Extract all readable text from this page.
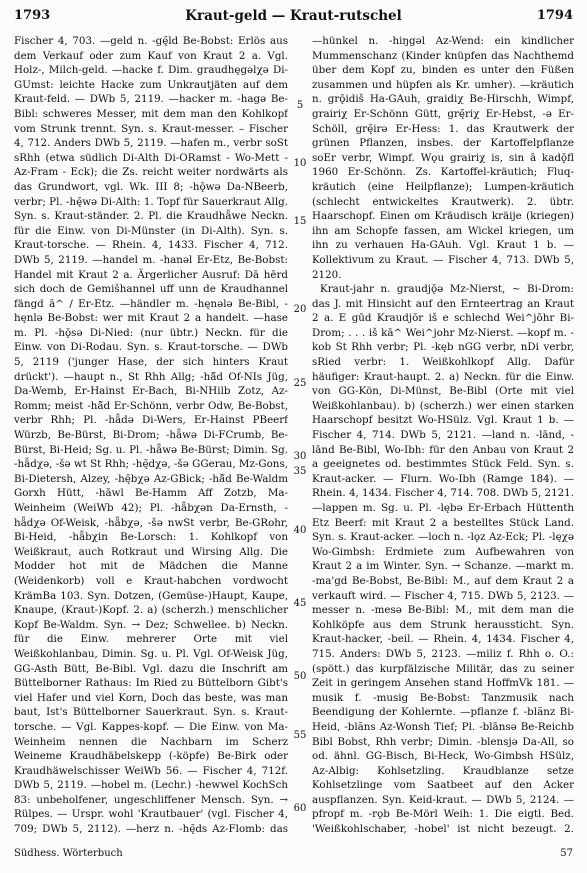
1793	Kraut-geld — Kraut-rutschel	1794

Fischer 4, 703. —geld n. -gę̄ld Be-Bobst: Erlös aus dem Verkauf oder zum Kauf von Kraut 2 a. Vgl. Holz-, Milch-geld. —hacke f. Dim. graudhęgəlχə Di-GUmst: leichte Hacke zum Unkrautjäten auf dem Kraut-feld. — DWb 5, 2119. —hacker m. -hagə Be-Bibl: schweres Messer, mit dem man den Kohlkopf vom Strunk trennt. Syn. s. Kraut-messer. – Fischer 4, 712. Anders DWb 5, 2119. —hafen m., verbr soSt sRhh (etwa südlich Di-Alth Di-ORamst - Wo-Mett - Az-Fram - Eck); die Zs. reicht weiter nordwärts als das Grundwort, vgl. Wk. III 8; -hǭwə Da-NBeerb, verbr; Pl. -hę̄wə Di-Alth: 1. Topf für Sauerkraut Allg. Syn. s. Kraut-ständer. 2. Pl. die Kraudhǟwe Neckn. für die Einw. von Di-Münster (in Di-Alth). Syn. s. Kraut-torsche. — Rhein. 4, 1433. Fischer 4, 712. DWb 5, 2119. —handel m. -hanəl Er-Etz, Be-Bobst: Handel mit Kraut 2 a. Ärgerlicher Ausruf: Dā hērd sich doch de Gemišhannel uff unn de Kraudhannel fängd ā^ / Er-Etz. —händler m. -hęnələ Be-Bibl, -hęnlə Be-Bobst: wer mit Kraut 2 a handelt. —hase m. Pl. -hǭsə Di-Nied: (nur übtr.) Neckn. für die Einw. von Di-Rodau. Syn. s. Kraut-torsche. — DWb 5, 2119 ('junger Hase, der sich hinters Kraut drückt'). —haupt n., St Rhh Allg; -hā̃d Of-NIs Jüg, Da-Wemb, Er-Hainst Er-Bach, Bi-NHilb Zotz, Az-Romm; meist -hā̃d Er-Schönn, verbr Odw, Be-Bobst, verbr Rhh; Pl. -hǟdə Di-Wers, Er-Hainst PBeerf Würzb, Be-Bürst, Bi-Drom; -hǟwə Di-FCrumb, Be-Bürst, Bi-Heid; Sg. u. Pl. -hǟwə Be-Bürst; Dimin. Sg. -hǟdχə, -šə wt St Rhh; -hę̄dχə, -šə GGerau, Mz-Gons, Bi-Dietersh, Alzey, -hę̄bχə Az-GBick; -hā̃d Be-Waldm Gorxh Hütt, -hāwl Be-Hamm Aff Zotzb, Ma-Weinheim (WeiWb 42); Pl. -hǟbχən Da-Ernsth, -hǟdχə Of-Weisk, -hǟbχə, -šə nwSt verbr, Be-GRohr, Bi-Heid, -hǟbχin Be-Lorsch: 1. Kohlkopf von Weißkraut, auch Rotkraut und Wirsing Allg. Die Modder hot mit de Mädchen die Manne (Weidenkorb) voll e Kraut-habchen vordwocht KrämBa 103. Syn. Dotzen, (Gemüse-)Haupt, Kaupe, Knaupe, (Kraut-)Kopf. 2. a) (scherzh.) menschlicher Kopf Be-Waldm. Syn. → Dez; Schwellee. b) Neckn. für die Einw. mehrerer Orte mit viel Weißkohlanbau, Dimin. Sg. u. Pl. Vgl. Of-Weisk Jüg, GG-Asth Bütt, Be-Bibl. Vgl. dazu die Inschrift am Büttelborner Rathaus: Im Ried zu Büttelborn Gibt's viel Hafer und viel Korn, Doch das beste, was man baut, Ist's Büttelborner Sauerkraut. Syn. s. Kraut-torsche. — Vgl. Kappes-kopf. — Die Einw. von Ma-Weinheim nennen die Nachbarn im Scherz Weineme Kraudhäbelskepp (-köpfe) Be-Birk oder Kraudhäwelschisser WeiWb 56. — Fischer 4, 712f. DWb 5, 2119. —hobel m. (Lechr.) -hewwel KochSch 83: unbeholfener, ungeschliffener Mensch. Syn. → Rülpes. — Urspr. wohl 'Krautbauer' (vgl. Fischer 4, 709; DWb 5, 2112). —herz n. -hę̄ds Az-Flomb: das

5
10
15
20
25
30
35
40
45
50
55
60

—hünkel n. -hiŋgəl Az-Wend: ein kindlicher Mummenschanz (Kinder knüpfen das Nachthemd über dem Kopf zu, binden es unter den Füßen zusammen und hüpfen als Kr. umher). —kräutich n. grǭidiš Ha-GAuh, graidiχ Be-Hirschh, Wimpf, grairiχ Er-Schönn Gütt, grę̄riχ Er-Hebst, -ə Er-Schöll, grę̄irə Er-Hess: 1. das Krautwerk der grünen Pflanzen, insbes. der Kartoffelpflanze soEr verbr, Wimpf. Wǫu grairiχ is, sin ā kadǭfl 1960 Er-Schönn. Zs. Kartoffel-kräutich; Fluq-kräutich (eine Heilpflanze); Lumpen-kräutich (schlecht entwickeltes Krautwerk). 2. übtr. Haarschopf. Einen om Kräudisch kräije (kriegen) ihn am Schopfe fassen, am Wickel kriegen, um ihn zu verhauen Ha-GAuh. Vgl. Kraut 1 b. — Kollektivum zu Kraut. — Fischer 4, 713. DWb 5, 2120.

Kraut-jahr n. graudjǭə Mz-Nierst, ∼ Bi-Drom: das J. mit Hinsicht auf den Ernteertrag an Kraut 2 a. E gūd Kraudjōr iš e schlechd Wei^jōhr Bi-Drom; . . . iš kā^ Wei^johr Mz-Nierst. —kopf m. -kob St Rhh verbr; Pl. -kęb nGG verbr, nDi verbr, sRied verbr: 1. Weißkohlkopf Allg. Dafür häufiger: Kraut-haupt. 2. a) Neckn. für die Einw. von GG-Kön, Di-Münst, Be-Bibl (Orte mit viel Weißkohlanbau). b) (scherzh.) wer einen starken Haarschopf besitzt Wo-HSülz. Vgl. Kraut 1 b. — Fischer 4, 714. DWb 5, 2121. —land n. -lānd, -lānd Be-Bibl, Wo-Ibh: für den Anbau von Kraut 2 a geeignetes od. bestimmtes Stück Feld. Syn. s. Kraut-acker. — Flurn. Wo-Ibh (Ramge 184). — Rhein. 4, 1434. Fischer 4, 714. 708. DWb 5, 2121. —lappen m. Sg. u. Pl. -lębə Er-Erbach Hüttenth Etz Beerf: mit Kraut 2 a bestelltes Stück Land. Syn. s. Kraut-acker. —loch n. -lǫz Az-Eck; Pl. -lęχə Wo-Gimbsh: Erdmiete zum Aufbewahren von Kraut 2 a im Winter. Syn. → Schanze. —markt m. -ma'gd Be-Bobst, Be-Bibl: M., auf dem Kraut 2 a verkauft wird. — Fischer 4, 715. DWb 5, 2123. —messer n. -mesə Be-Bibl: M., mit dem man die Kohlköpfe aus dem Strunk heraussticht. Syn. Kraut-hacker, -beil. — Rhein. 4, 1434. Fischer 4, 715. Anders: DWb 5, 2123. —miliz f. Rhh o. O.: (spött.) das kurpfälzische Militär, das zu seiner Zeit in geringem Ansehen stand HoffmVk 181. —musik f. -musig Be-Bobst: Tanzmusik nach Beendigung der Kohlernte. —pflanze f. -blãnz Bi-Heid, -blãns Az-Wonsh Tief; Pl. -blānsə Be-Reichb Bibl Bobst, Rhh verbr; Dimin. -blensjə Da-All, so od. ähnl. GG-Bisch, Bi-Heck, Wo-Gimbsh HSülz, Az-Albig: Kohlsetzling. Kraudblanze setze Kohlsetzlinge vom Saatbeet auf den Acker auspflanzen. Syn. Keid-kraut. — DWb 5, 2124. —pfropf m. -rǫb Be-Mörl Weih: 1. Die eigtl. Bed. 'Weißkohlschaber, -hobel' ist nicht bezeugt. 2.

Südhess. Wörterbuch	57
